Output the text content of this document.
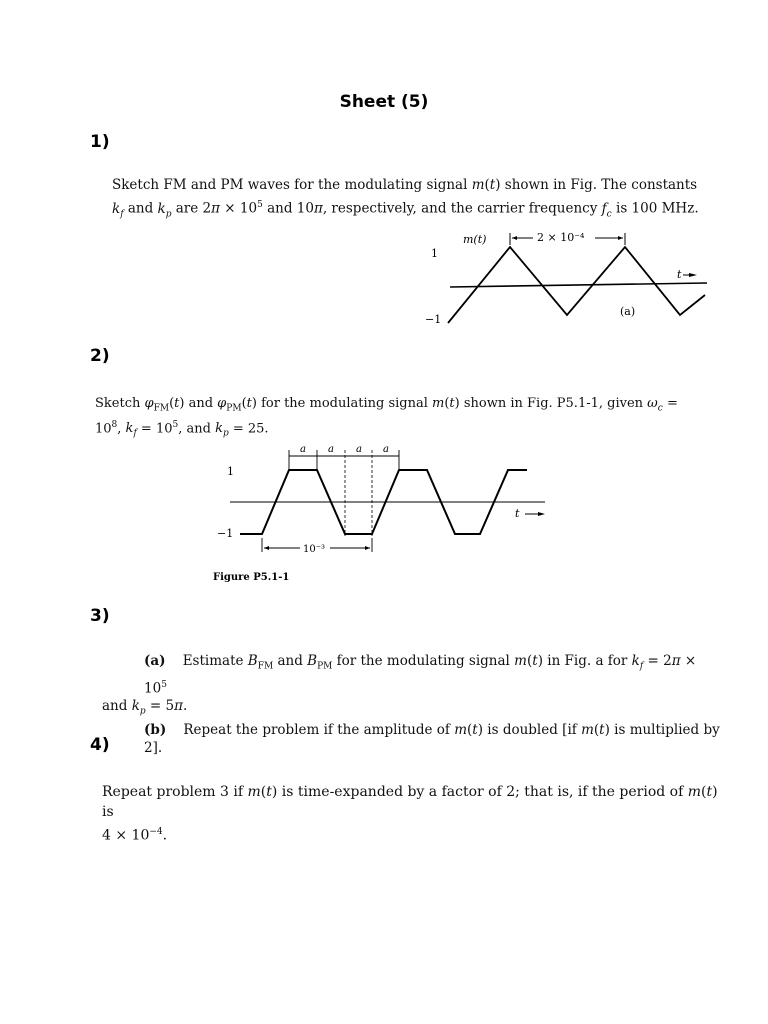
Sheet (5)
1)
Sketch FM and PM waves for the modulating signal m(t) shown in Fig. The constants
$k_f$ and $k_p$ are $2\pi \times 10^5$ and 10π, respectively, and the carrier frequency $f_c$ is 100 MHz.
m(t)
1
−1
2 × 10⁻⁴
t
(a)
2)
Sketch $\varphi_{FM}(t)$ and $\varphi_{PM}(t)$ for the modulating signal m(t) shown in Fig. P5.1-1, given $\omega_c$ =
$10^8$, $k_f = 10^5$, and $k_p = 25$.
a a a a
1
−1
t
10⁻³
Figure P5.1-1
3)
(a)    Estimate $B_{FM}$ and $B_{PM}$ for the modulating signal m(t) in Fig. a for $k_f = 2\pi \times 10^5$
and $k_p = 5\pi$.
(b)    Repeat the problem if the amplitude of m(t) is doubled [if m(t) is multiplied by 2].
4)
Repeat problem 3 if m(t) is time-expanded by a factor of 2; that is, if the period of m(t) is
$4 \times 10^{-4}$.
